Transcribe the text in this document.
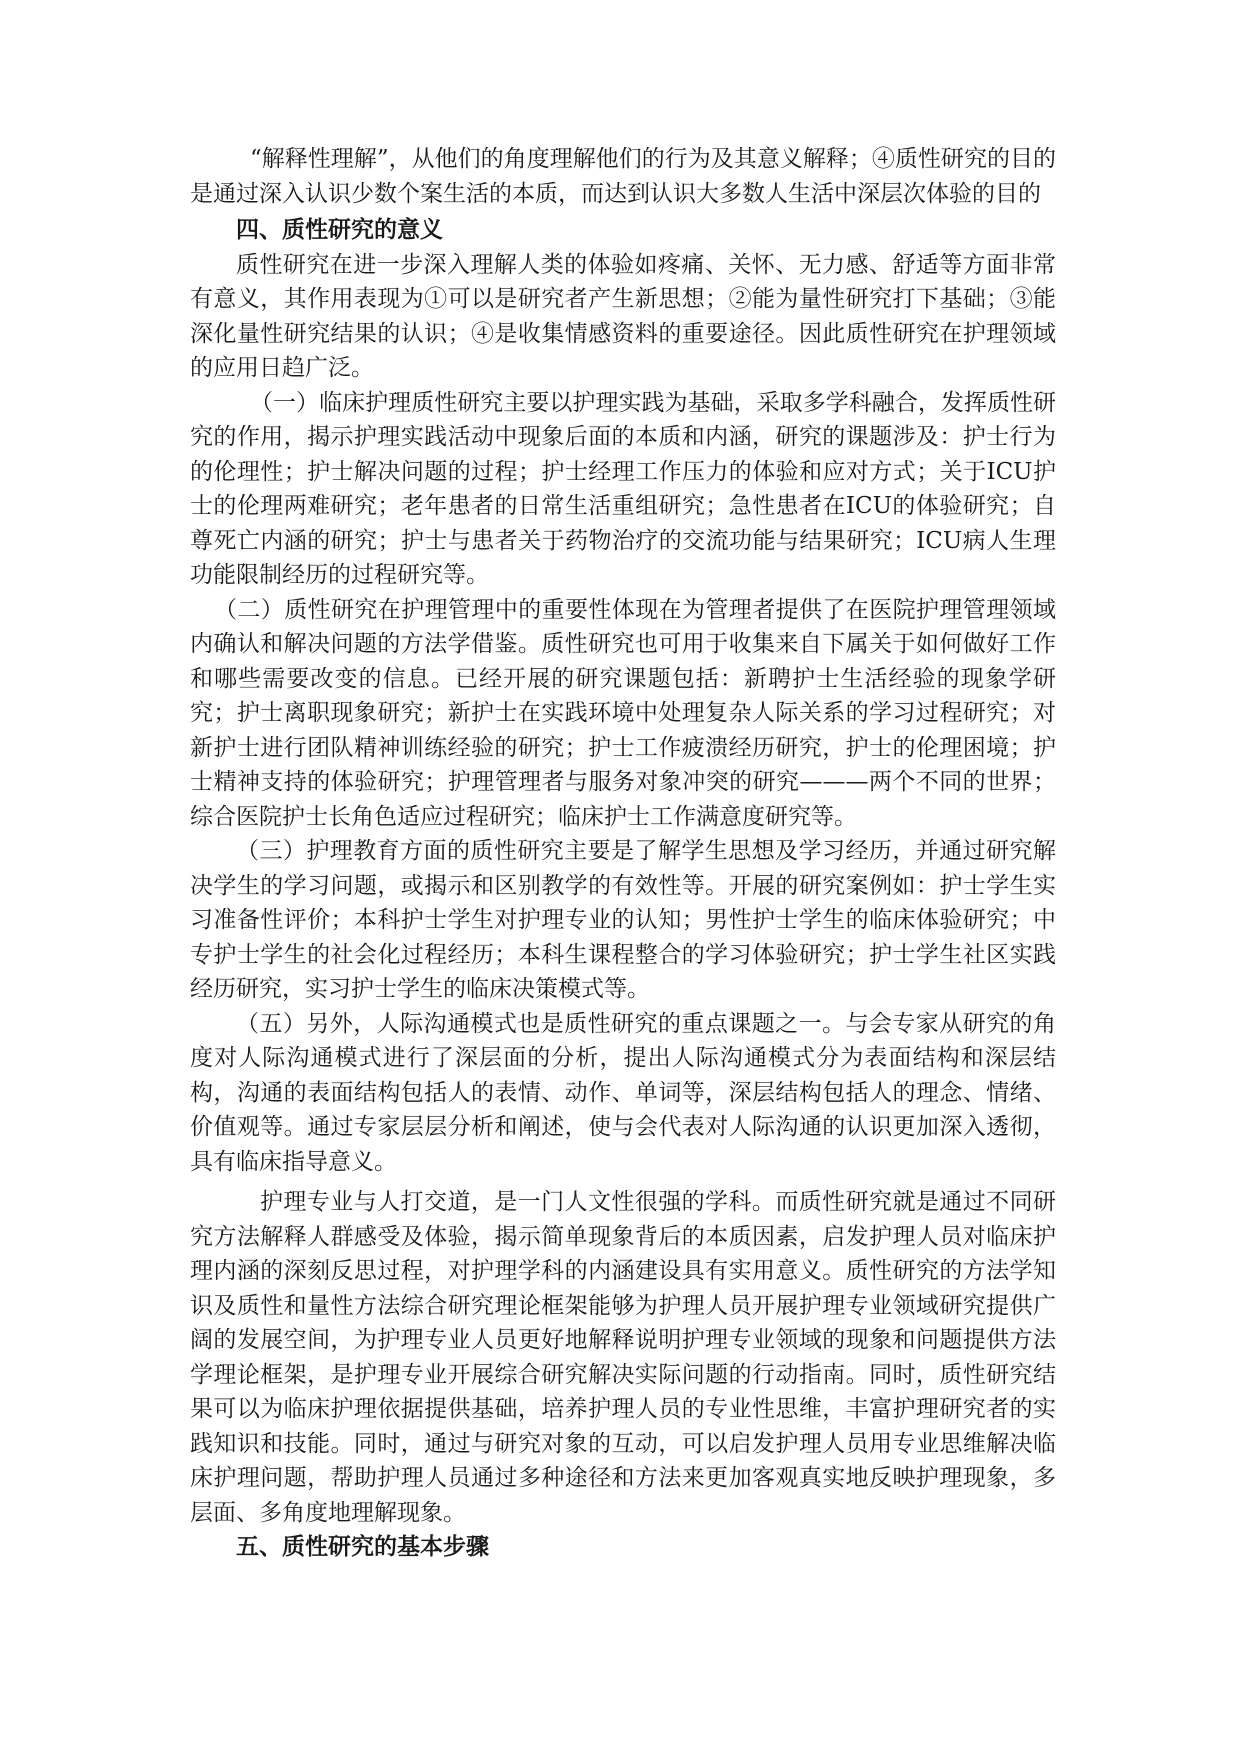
“解释性理解”，从他们的角度理解他们的行为及其意义解释；④质性研究的目的是通过深入认识少数个案生活的本质，而达到认识大多数人生活中深层次体验的目的

四、质性研究的意义

质性研究在进一步深入理解人类的体验如疼痛、关怀、无力感、舒适等方面非常有意义，其作用表现为①可以是研究者产生新思想；②能为量性研究打下基础；③能深化量性研究结果的认识；④是收集情感资料的重要途径。因此质性研究在护理领域的应用日趋广泛。

（一）临床护理质性研究主要以护理实践为基础，采取多学科融合，发挥质性研究的作用，揭示护理实践活动中现象后面的本质和内涵，研究的课题涉及：护士行为的伦理性；护士解决问题的过程；护士经理工作压力的体验和应对方式；关于ICU护士的伦理两难研究；老年患者的日常生活重组研究；急性患者在ICU的体验研究；自尊死亡内涵的研究；护士与患者关于药物治疗的交流功能与结果研究；ICU病人生理功能限制经历的过程研究等。

（二）质性研究在护理管理中的重要性体现在为管理者提供了在医院护理管理领域内确认和解决问题的方法学借鉴。质性研究也可用于收集来自下属关于如何做好工作和哪些需要改变的信息。已经开展的研究课题包括：新聘护士生活经验的现象学研究；护士离职现象研究；新护士在实践环境中处理复杂人际关系的学习过程研究；对新护士进行团队精神训练经验的研究；护士工作疲溃经历研究，护士的伦理困境；护士精神支持的体验研究；护理管理者与服务对象冲突的研究———两个不同的世界；综合医院护士长角色适应过程研究；临床护士工作满意度研究等。

（三）护理教育方面的质性研究主要是了解学生思想及学习经历，并通过研究解决学生的学习问题，或揭示和区别教学的有效性等。开展的研究案例如：护士学生实习准备性评价；本科护士学生对护理专业的认知；男性护士学生的临床体验研究；中专护士学生的社会化过程经历；本科生课程整合的学习体验研究；护士学生社区实践经历研究，实习护士学生的临床决策模式等。

（五）另外，人际沟通模式也是质性研究的重点课题之一。与会专家从研究的角度对人际沟通模式进行了深层面的分析，提出人际沟通模式分为表面结构和深层结构，沟通的表面结构包括人的表情、动作、单词等，深层结构包括人的理念、情绪、价值观等。通过专家层层分析和阐述，使与会代表对人际沟通的认识更加深入透彻，具有临床指导意义。

护理专业与人打交道，是一门人文性很强的学科。而质性研究就是通过不同研究方法解释人群感受及体验，揭示简单现象背后的本质因素，启发护理人员对临床护理内涵的深刻反思过程，对护理学科的内涵建设具有实用意义。质性研究的方法学知识及质性和量性方法综合研究理论框架能够为护理人员开展护理专业领域研究提供广阔的发展空间，为护理专业人员更好地解释说明护理专业领域的现象和问题提供方法学理论框架，是护理专业开展综合研究解决实际问题的行动指南。同时，质性研究结果可以为临床护理依据提供基础，培养护理人员的专业性思维，丰富护理研究者的实践知识和技能。同时，通过与研究对象的互动，可以启发护理人员用专业思维解决临床护理问题，帮助护理人员通过多种途径和方法来更加客观真实地反映护理现象，多层面、多角度地理解现象。

五、质性研究的基本步骤
